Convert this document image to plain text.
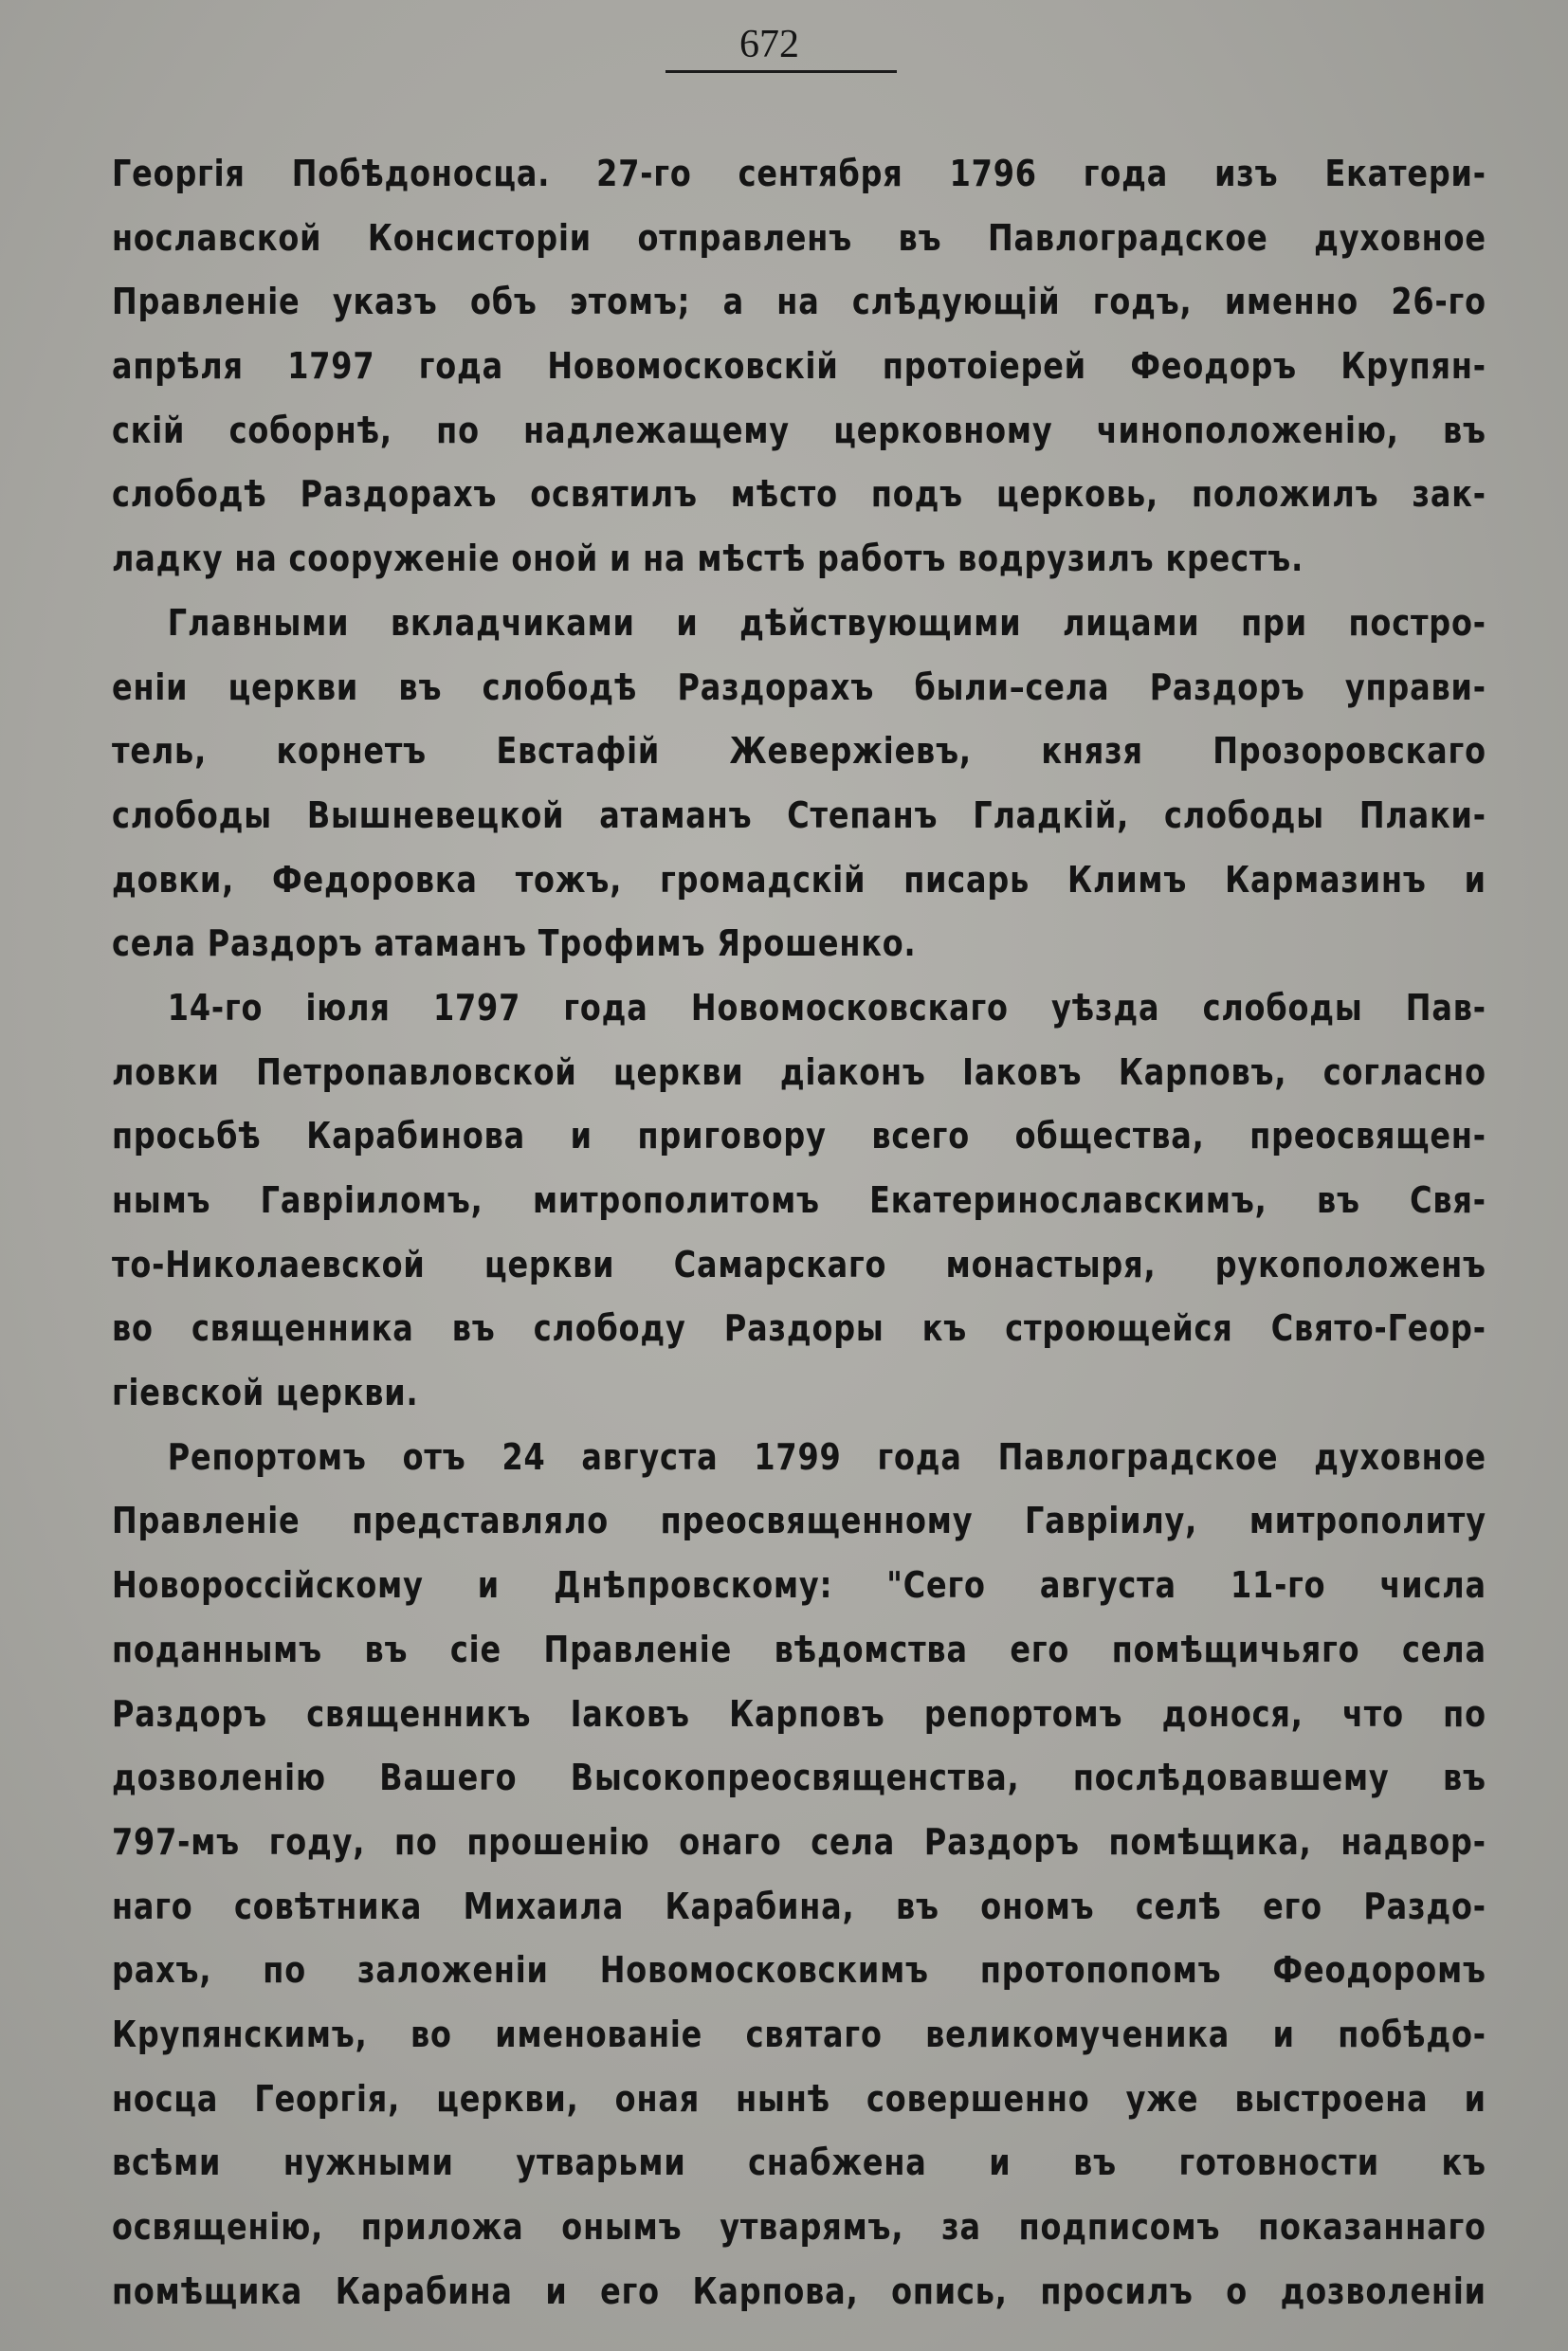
672
Георгія Побѣдоносца. 27-го сентября 1796 года изъ Екатери-
нославской Консисторіи отправленъ въ Павлоградское духовное
Правленіе указъ объ этомъ; а на слѣдующій годъ, именно 26-го
апрѣля 1797 года Новомосковскій протоіерей Феодоръ Крупян-
скій соборнѣ, по надлежащему церковному чиноположенію, въ
слободѣ Раздорахъ освятилъ мѣсто подъ церковь, положилъ зак-
ладку на сооруженіе оной и на мѣстѣ работъ водрузилъ крестъ.
Главными вкладчиками и дѣйствующими лицами при постро-
еніи церкви въ слободѣ Раздорахъ были–села Раздоръ управи-
тель, корнетъ Евстафій Жевержіевъ, князя Прозоровскаго
слободы Вышневецкой атаманъ Степанъ Гладкій, слободы Плаки-
довки, Федоровка тожъ, громадскій писарь Климъ Кармазинъ и
села Раздоръ атаманъ Трофимъ Ярошенко.
14-го іюля 1797 года Новомосковскаго уѣзда слободы Пав-
ловки Петропавловской церкви діаконъ Іаковъ Карповъ, согласно
просьбѣ Карабинова и приговору всего общества, преосвящен-
нымъ Гавріиломъ, митрополитомъ Екатеринославскимъ, въ Свя-
то-Николаевской церкви Самарскаго монастыря, рукоположенъ
во священника въ слободу Раздоры къ строющейся Свято-Геор-
гіевской церкви.
Репортомъ отъ 24 августа 1799 года Павлоградское духовное
Правленіе представляло преосвященному Гавріилу, митрополиту
Новороссійскому и Днѣпровскому: "Сего августа 11-го числа
поданнымъ въ сіе Правленіе вѣдомства его помѣщичьяго села
Раздоръ священникъ Іаковъ Карповъ репортомъ донося, что по
дозволенію Вашего Высокопреосвященства, послѣдовавшему въ
797-мъ году, по прошенію онаго села Раздоръ помѣщика, надвор-
наго совѣтника Михаила Карабина, въ ономъ селѣ его Раздо-
рахъ, по заложеніи Новомосковскимъ протопопомъ Феодоромъ
Крупянскимъ, во именованіе святаго великомученика и побѣдо-
носца Георгія, церкви, оная нынѣ совершенно уже выстроена и
всѣми нужными утварьми снабжена и въ готовности къ
освященію, приложа онымъ утварямъ, за подписомъ показаннаго
помѣщика Карабина и его Карпова, опись, просилъ о дозволеніи
